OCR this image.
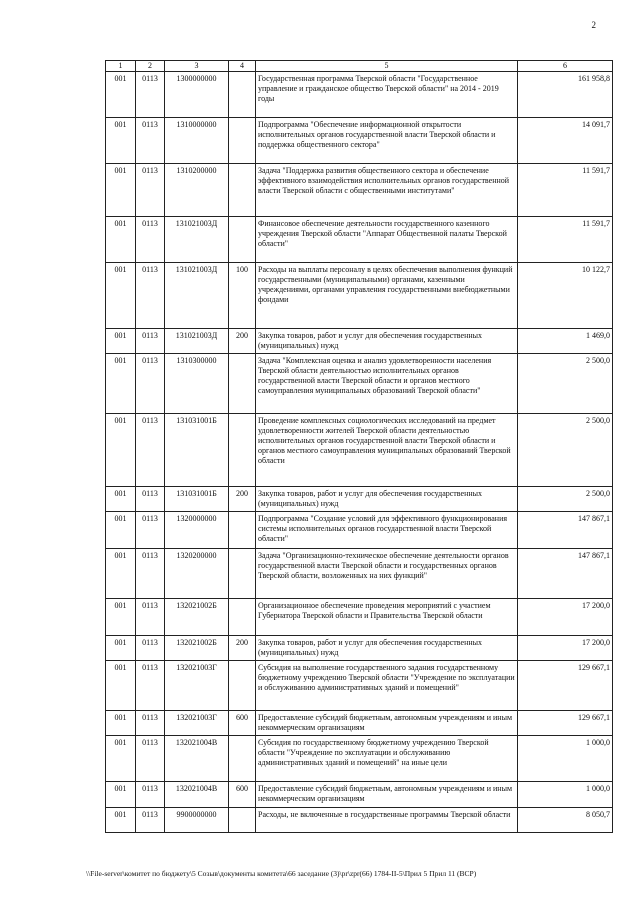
2
1	2	3	4	5	6
001	0113	1300000000		Государственная программа Тверской области "Государственное управление и гражданское общество Тверской области" на 2014 - 2019 годы	161 958,8
001	0113	1310000000		Подпрограмма "Обеспечение информационной открытости исполнительных органов государственной власти Тверской области и поддержка общественного сектора"	14 091,7
001	0113	1310200000		Задача "Поддержка развития общественного сектора и обеспечение эффективного взаимодействия исполнительных органов государственной власти Тверской области с общественными институтами"	11 591,7
001	0113	131021003Д		Финансовое обеспечение деятельности государственного казенного учреждения Тверской области "Аппарат Общественной палаты Тверской области"	11 591,7
001	0113	131021003Д	100	Расходы на выплаты персоналу в целях обеспечения выполнения функций государственными (муниципальными) органами, казенными учреждениями, органами управления государственными внебюджетными фондами	10 122,7
001	0113	131021003Д	200	Закупка товаров, работ и услуг для обеспечения государственных (муниципальных) нужд	1 469,0
001	0113	1310300000		Задача "Комплексная оценка и анализ удовлетворенности населения Тверской области деятельностью исполнительных органов государственной власти Тверской области и органов местного самоуправления муниципальных образований Тверской области"	2 500,0
001	0113	131031001Б		Проведение комплексных социологических исследований на предмет удовлетворенности жителей Тверской области деятельностью исполнительных органов государственной власти Тверской области и органов местного самоуправления муниципальных образований Тверской области	2 500,0
001	0113	131031001Б	200	Закупка товаров, работ и услуг для обеспечения государственных (муниципальных) нужд	2 500,0
001	0113	1320000000		Подпрограмма "Создание условий для эффективного функционирования системы исполнительных органов государственной власти Тверской области"	147 867,1
001	0113	1320200000		Задача "Организационно-техническое обеспечение деятельности органов государственной власти Тверской области и государственных органов Тверской области, возложенных на них функций"	147 867,1
001	0113	132021002Б		Организационное обеспечение проведения мероприятий с участием Губернатора Тверской области и Правительства Тверской области	17 200,0
001	0113	132021002Б	200	Закупка товаров, работ и услуг для обеспечения государственных (муниципальных) нужд	17 200,0
001	0113	132021003Г		Субсидия на выполнение государственного задания государственному бюджетному учреждению Тверской области "Учреждение по эксплуатации и обслуживанию административных зданий и помещений"	129 667,1
001	0113	132021003Г	600	Предоставление субсидий бюджетным, автономным учреждениям и иным некоммерческим организациям	129 667,1
001	0113	132021004В		Субсидия по государственному бюджетному учреждению Тверской области "Учреждение по эксплуатации и обслуживанию административных зданий и помещений" на иные цели	1 000,0
001	0113	132021004В	600	Предоставление субсидий бюджетным, автономным учреждениям и иным некоммерческим организациям	1 000,0
001	0113	9900000000		Расходы, не включенные в государственные программы Тверской области	8 050,7
\\File-server\комитет по бюджету\5 Созыв\документы комитета\66 заседание (3)\pr\zpr(66) 1784-II-5\Прил 5 Прил 11 (ВСР)
